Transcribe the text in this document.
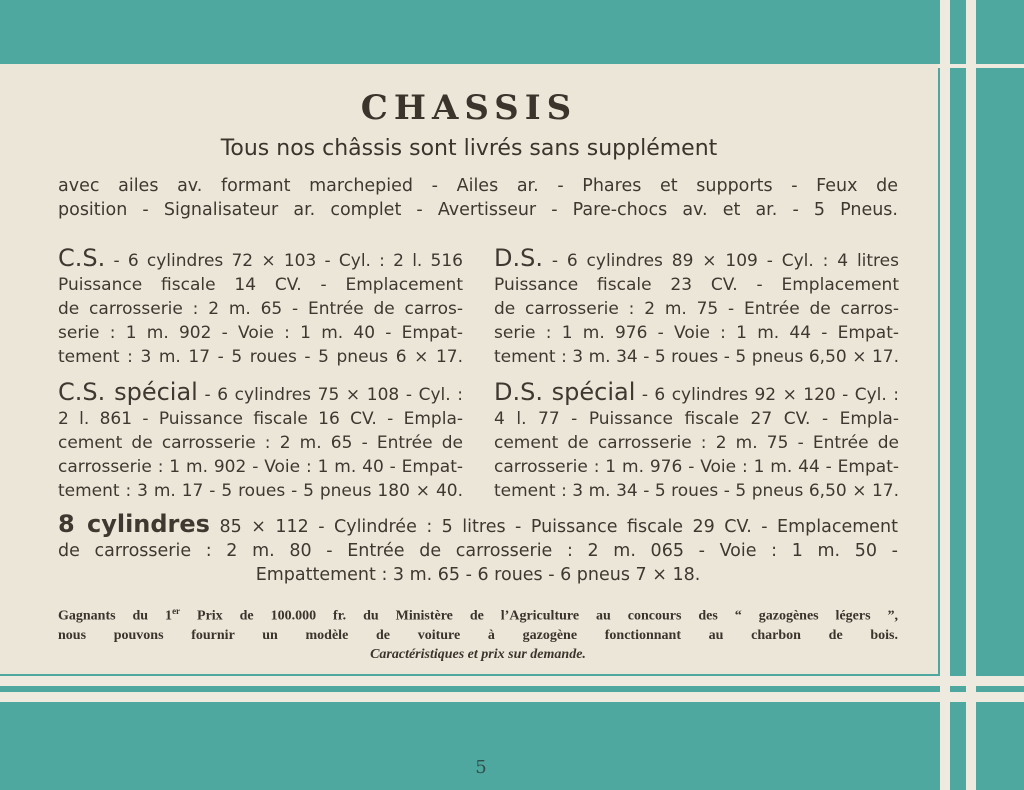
CHASSIS
Tous nos châssis sont livrés sans supplément
avec ailes av. formant marchepied - Ailes ar. - Phares et supports - Feux de
position - Signalisateur ar. complet - Avertisseur - Pare-chocs av. et ar. - 5 Pneus.
C.S. - 6 cylindres 72 × 103 - Cyl. : 2 l. 516
Puissance fiscale 14 CV. - Emplacement
de carrosserie : 2 m. 65 - Entrée de carros-
serie : 1 m. 902 - Voie : 1 m. 40 - Empat-
tement : 3 m. 17 - 5 roues - 5 pneus 6 × 17.
D.S. - 6 cylindres 89 × 109 - Cyl. : 4 litres
Puissance fiscale 23 CV. - Emplacement
de carrosserie : 2 m. 75 - Entrée de carros-
serie : 1 m. 976 - Voie : 1 m. 44 - Empat-
tement : 3 m. 34 - 5 roues - 5 pneus 6,50 × 17.
C.S. spécial - 6 cylindres 75 × 108 - Cyl. :
2 l. 861 - Puissance fiscale 16 CV. - Empla-
cement de carrosserie : 2 m. 65 - Entrée de
carrosserie : 1 m. 902 - Voie : 1 m. 40 - Empat-
tement : 3 m. 17 - 5 roues - 5 pneus 180 × 40.
D.S. spécial - 6 cylindres 92 × 120 - Cyl. :
4 l. 77 - Puissance fiscale 27 CV. - Empla-
cement de carrosserie : 2 m. 75 - Entrée de
carrosserie : 1 m. 976 - Voie : 1 m. 44 - Empat-
tement : 3 m. 34 - 5 roues - 5 pneus 6,50 × 17.
8 cylindres 85 × 112 - Cylindrée : 5 litres - Puissance fiscale 29 CV. - Emplacement
de carrosserie : 2 m. 80 - Entrée de carrosserie : 2 m. 065 - Voie : 1 m. 50 -
Empattement : 3 m. 65 - 6 roues - 6 pneus 7 × 18.
Gagnants du 1er Prix de 100.000 fr. du Ministère de l’Agriculture au concours des “ gazogènes légers ”,
nous pouvons fournir un modèle de voiture à gazogène fonctionnant au charbon de bois.
Caractéristiques et prix sur demande.
5
